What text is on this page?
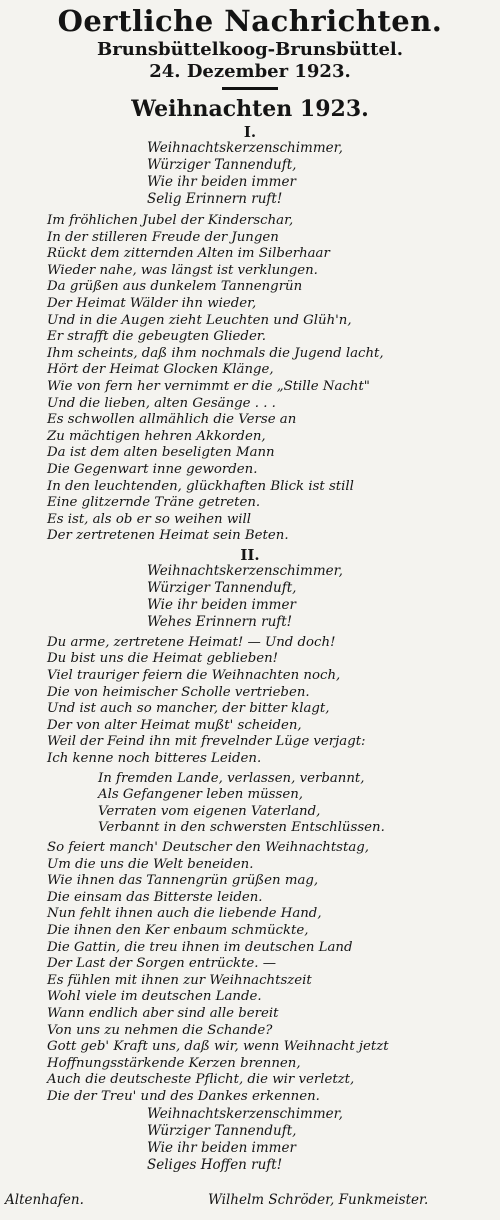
Oertliche Nachrichten.
Brunsbüttelkoog-Brunsbüttel.
24. Dezember 1923.
Weihnachten 1923.
I.
Weihnachtskerzenschimmer,
Würziger Tannenduft,
Wie ihr beiden immer
Selig Erinnern ruft!
Im fröhlichen Jubel der Kinderschar,
In der stilleren Freude der Jungen
Rückt dem zitternden Alten im Silberhaar
Wieder nahe, was längst ist verklungen.
Da grüßen aus dunkelem Tannengrün
Der Heimat Wälder ihn wieder,
Und in die Augen zieht Leuchten und Glüh'n,
Er strafft die gebeugten Glieder.
Ihm scheints, daß ihm nochmals die Jugend lacht,
Hört der Heimat Glocken Klänge,
Wie von fern her vernimmt er die „Stille Nacht"
Und die lieben, alten Gesänge . . .
Es schwollen allmählich die Verse an
Zu mächtigen hehren Akkorden,
Da ist dem alten beseligten Mann
Die Gegenwart inne geworden.
In den leuchtenden, glückhaften Blick ist still
Eine glitzernde Träne getreten.
Es ist, als ob er so weihen will
Der zertretenen Heimat sein Beten.
II.
Weihnachtskerzenschimmer,
Würziger Tannenduft,
Wie ihr beiden immer
Wehes Erinnern ruft!
Du arme, zertretene Heimat! — Und doch!
Du bist uns die Heimat geblieben!
Viel trauriger feiern die Weihnachten noch,
Die von heimischer Scholle vertrieben.
Und ist auch so mancher, der bitter klagt,
Der von alter Heimat mußt' scheiden,
Weil der Feind ihn mit frevelnder Lüge verjagt:
Ich kenne noch bitteres Leiden.
In fremden Lande, verlassen, verbannt,
Als Gefangener leben müssen,
Verraten vom eigenen Vaterland,
Verbannt in den schwersten Entschlüssen.
So feiert manch' Deutscher den Weihnachtstag,
Um die uns die Welt beneiden.
Wie ihnen das Tannengrün grüßen mag,
Die einsam das Bitterste leiden.
Nun fehlt ihnen auch die liebende Hand,
Die ihnen den Ker enbaum schmückte,
Die Gattin, die treu ihnen im deutschen Land
Der Last der Sorgen entrückte. —
Es fühlen mit ihnen zur Weihnachtszeit
Wohl viele im deutschen Lande.
Wann endlich aber sind alle bereit
Von uns zu nehmen die Schande?
Gott geb' Kraft uns, daß wir, wenn Weihnacht jetzt
Hoffnungsstärkende Kerzen brennen,
Auch die deutscheste Pflicht, die wir verletzt,
Die der Treu' und des Dankes erkennen.
Weihnachtskerzenschimmer,
Würziger Tannenduft,
Wie ihr beiden immer
Seliges Hoffen ruft!
Altenhafen.	Wilhelm Schröder, Funkmeister.
